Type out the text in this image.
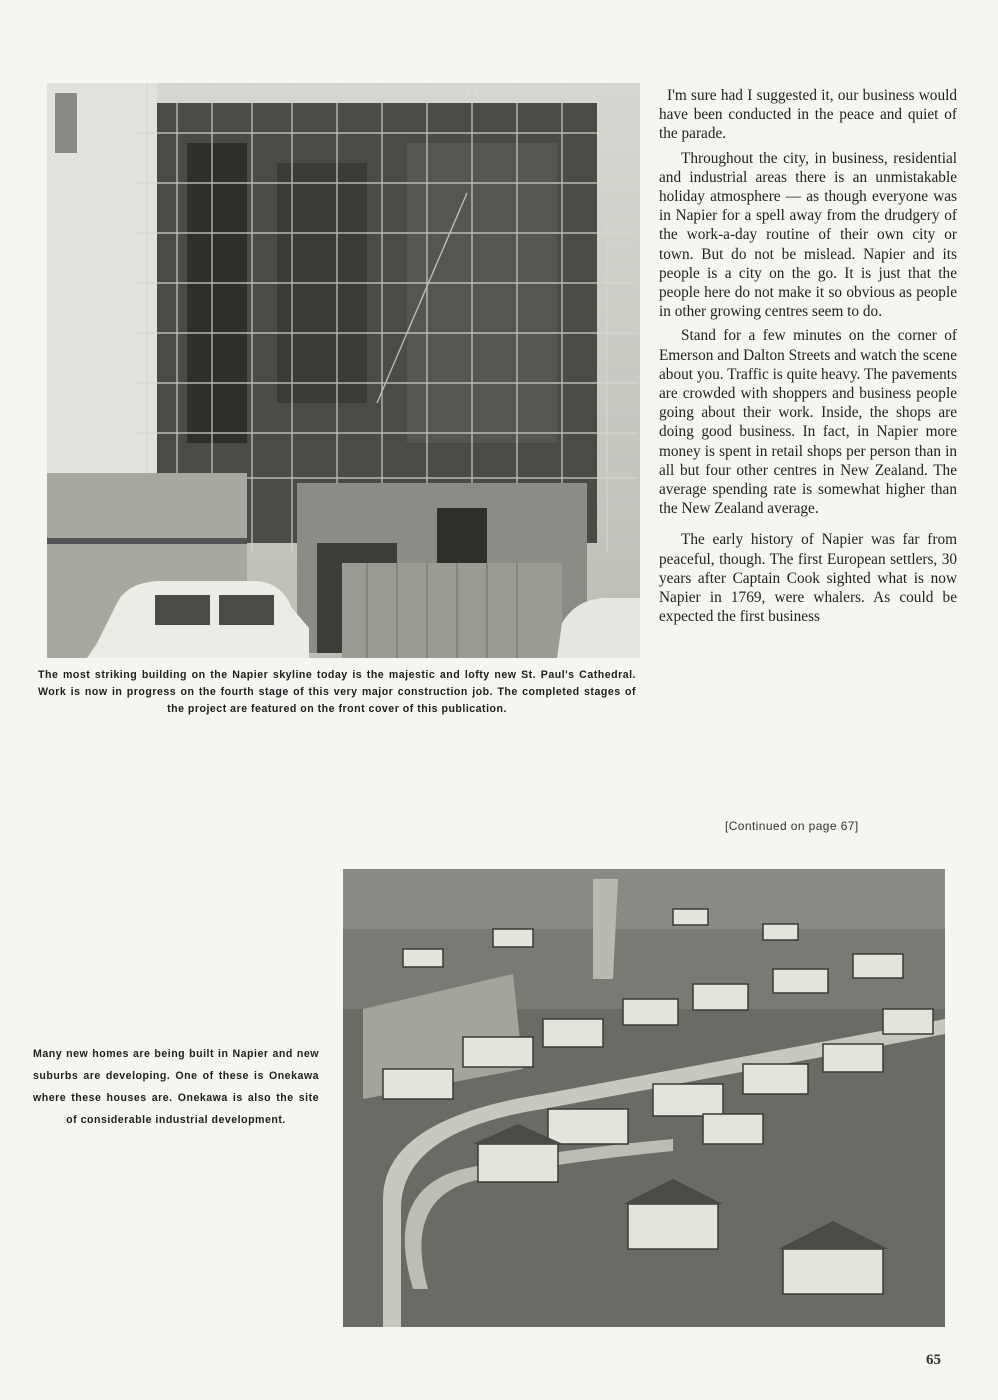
The most striking building on the Napier skyline today is the majestic and lofty new St. Paul's Cathedral. Work is now in progress on the fourth stage of this very major construction job. The completed stages of the project are featured on the front cover of this publication.

I'm sure had I suggested it, our business would have been conducted in the peace and quiet of the parade.

Throughout the city, in business, residential and industrial areas there is an unmistakable holiday atmosphere — as though everyone was in Napier for a spell away from the drudgery of the work-a-day routine of their own city or town. But do not be mislead. Napier and its people is a city on the go. It is just that the people here do not make it so obvious as people in other growing centres seem to do.

Stand for a few minutes on the corner of Emerson and Dalton Streets and watch the scene about you. Traffic is quite heavy. The pavements are crowded with shoppers and business people going about their work. Inside, the shops are doing good business. In fact, in Napier more money is spent in retail shops per person than in all but four other centres in New Zealand. The average spending rate is somewhat higher than the New Zealand average.

The early history of Napier was far from peaceful, though. The first European settlers, 30 years after Captain Cook sighted what is now Napier in 1769, were whalers. As could be expected the first business

[Continued on page 67]

Many new homes are being built in Napier and new suburbs are developing. One of these is Onekawa where these houses are. Onekawa is also the site of considerable industrial development.

65
